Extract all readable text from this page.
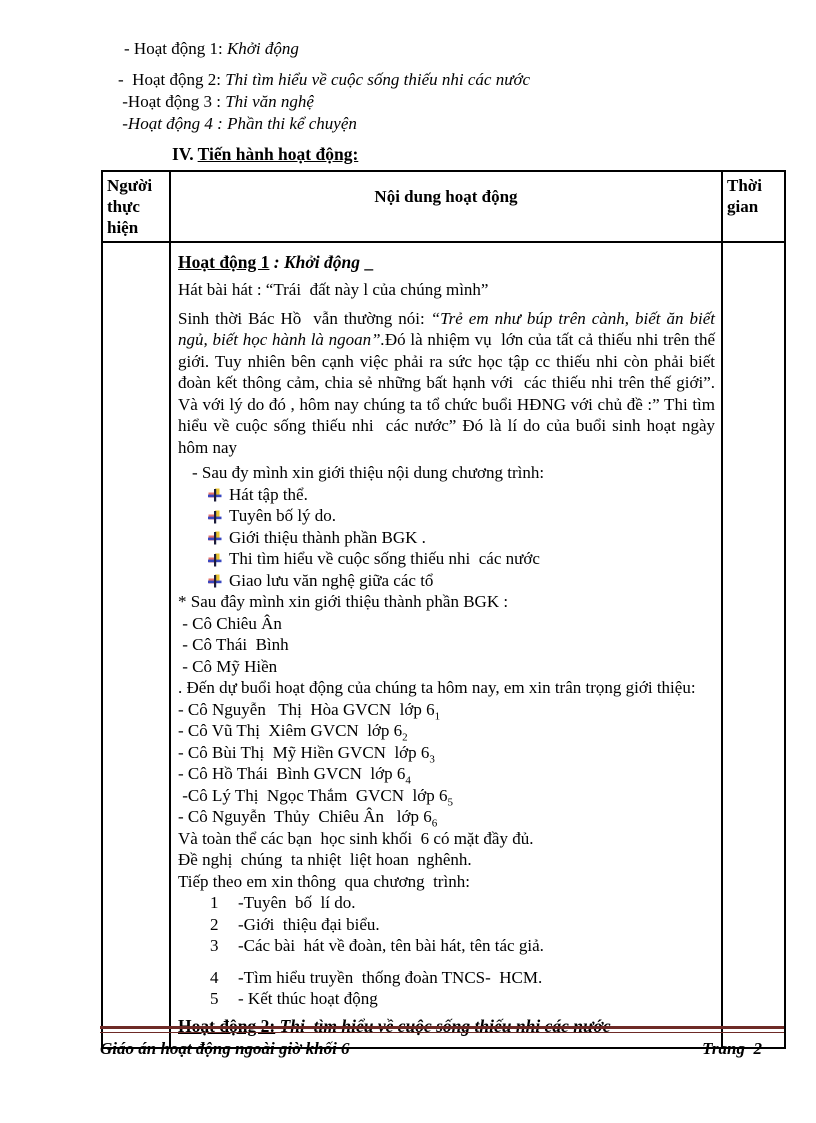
- Hoạt động 1: Khởi động
-  Hoạt động 2: Thi tìm hiểu về cuộc sống thiếu nhi các nước
-Hoạt động 3 : Thi văn nghệ
-Hoạt động 4 : Phần thi kể chuyện
IV. Tiến hành hoạt động:
Người thực hiện	Nội dung hoạt động	Thời gian

Hoạt động 1 : Khởi động _
Hát bài hát : “Trái  đất này l của chúng mình”
Sinh thời Bác Hồ  vẫn thường nói: “Trẻ em như búp trên cành, biết ăn biết ngủ, biết học hành là ngoan”.Đó là nhiệm vụ  lớn của tất cả thiếu nhi trên thế giới. Tuy nhiên bên cạnh việc phải ra sức học tập cc thiếu nhi còn phải biết đoàn kết thông cảm, chia sẻ những bất hạnh với  các thiếu nhi trên thế giới”. Và với lý do đó , hôm nay chúng ta tổ chức buổi HĐNG với chủ đề :” Thi tìm hiểu về cuộc sống thiếu nhi  các nước” Đó là lí do của buổi sinh hoạt ngày  hôm nay
- Sau đy mình xin giới thiệu nội dung chương trình:
Hát tập thể.
Tuyên bố lý do.
Giới thiệu thành phần BGK .
Thi tìm hiểu về cuộc sống thiếu nhi  các nước
Giao lưu văn nghệ giữa các tổ
* Sau đây mình xin giới thiệu thành phần BGK :
- Cô Chiêu Ân
- Cô Thái  Bình
- Cô Mỹ Hiền
. Đến dự buổi hoạt động của chúng ta hôm nay, em xin trân trọng giới thiệu:
- Cô Nguyễn   Thị  Hòa GVCN  lớp $6_1$
- Cô Vũ Thị  Xiêm GVCN  lớp $6_2$
- Cô Bùi Thị  Mỹ Hiền GVCN  lớp $6_3$
- Cô Hồ Thái  Bình GVCN  lớp $6_4$
-Cô Lý Thị  Ngọc Thắm  GVCN  lớp $6_5$
- Cô Nguyễn  Thủy  Chiêu Ân   lớp $6_6$
Và toàn thể các bạn  học sinh khối  6 có mặt đầy đủ.
Đề nghị  chúng  ta nhiệt  liệt hoan  nghênh.
Tiếp theo em xin thông  qua chương  trình:
1	-Tuyên  bố  lí do.
2	-Giới  thiệu đại biểu.
3	-Các bài  hát về đoàn, tên bài hát, tên tác giả.
4	-Tìm hiểu truyền  thống đoàn TNCS-  HCM.
5	- Kết thúc hoạt động
Hoạt động 2: Thi  tìm hiểu về cuộc sống thiếu nhi các nước

Giáo án hoạt động ngoài giờ khối 6	Trang  2
